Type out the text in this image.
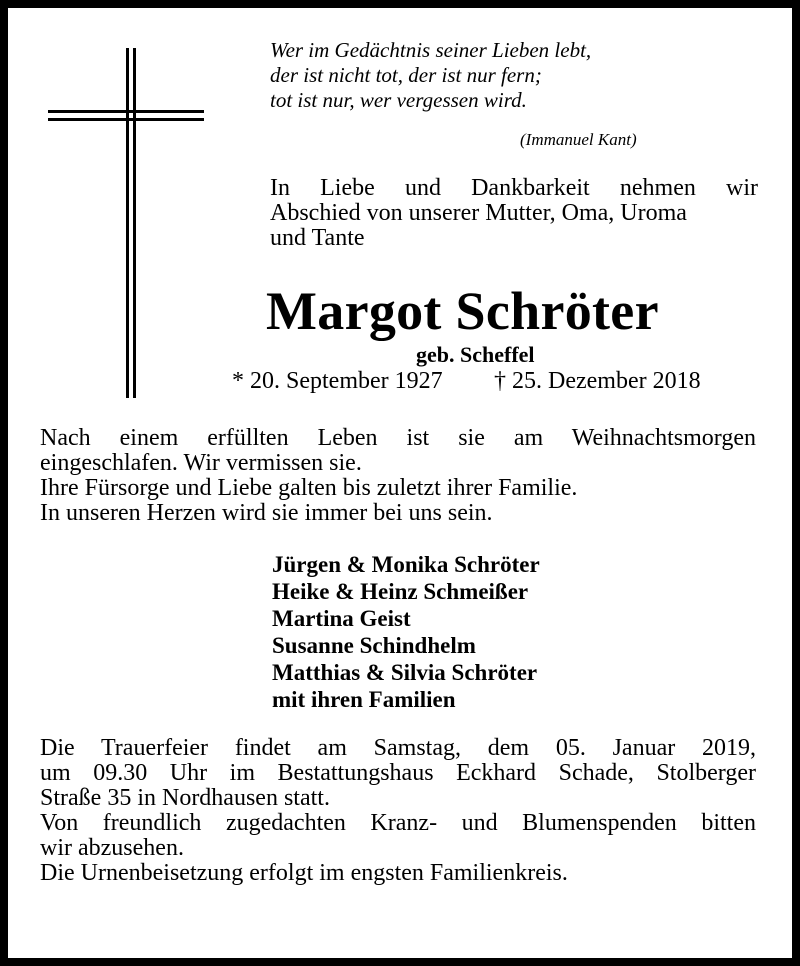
Wer im Gedächtnis seiner Lieben lebt,
der ist nicht tot, der ist nur fern;
tot ist nur, wer vergessen wird.
(Immanuel Kant)
In Liebe und Dankbarkeit nehmen wir
Abschied von unserer Mutter, Oma, Uroma
und Tante
Margot Schröter
geb. Scheffel
* 20. September 1927 † 25. Dezember 2018
Nach einem erfüllten Leben ist sie am Weihnachtsmorgen
eingeschlafen. Wir vermissen sie.
Ihre Fürsorge und Liebe galten bis zuletzt ihrer Familie.
In unseren Herzen wird sie immer bei uns sein.
Jürgen & Monika Schröter
Heike & Heinz Schmeißer
Martina Geist
Susanne Schindhelm
Matthias & Silvia Schröter
mit ihren Familien
Die Trauerfeier findet am Samstag, dem 05. Januar 2019,
um 09.30 Uhr im Bestattungshaus Eckhard Schade, Stolberger
Straße 35 in Nordhausen statt.
Von freundlich zugedachten Kranz- und Blumenspenden bitten
wir abzusehen.
Die Urnenbeisetzung erfolgt im engsten Familienkreis.
